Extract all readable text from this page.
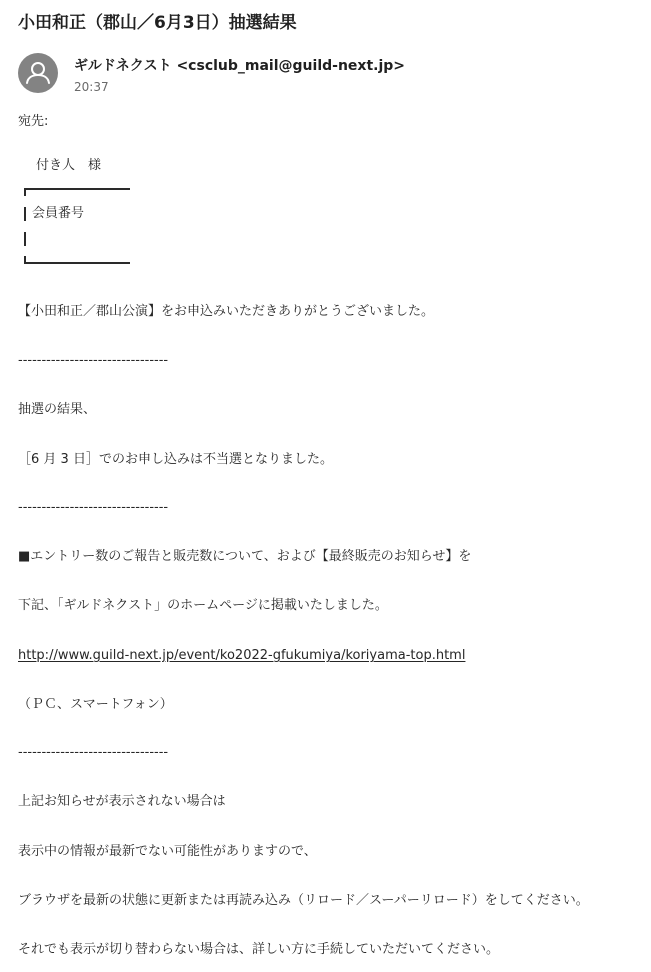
小田和正（郡山／6月3日）抽選結果
ギルドネクスト <csclub_mail@guild-next.jp>
20:37
宛先:
付き人　様
会員番号
【小田和正／郡山公演】をお申込みいただきありがとうございました。
--------------------------------
抽選の結果、
［6 月 3 日］でのお申し込みは不当選となりました。
--------------------------------
■エントリー数のご報告と販売数について、および【最終販売のお知らせ】を
下記、「ギルドネクスト」のホームページに掲載いたしました。
http://www.guild-next.jp/event/ko2022-gfukumiya/koriyama-top.html
（ＰＣ、スマートフォン）
--------------------------------
上記お知らせが表示されない場合は
表示中の情報が最新でない可能性がありますので、
ブラウザを最新の状態に更新または再読み込み（リロード／スーパーリロード）をしてください。
それでも表示が切り替わらない場合は、詳しい方に手続していただいてください。
